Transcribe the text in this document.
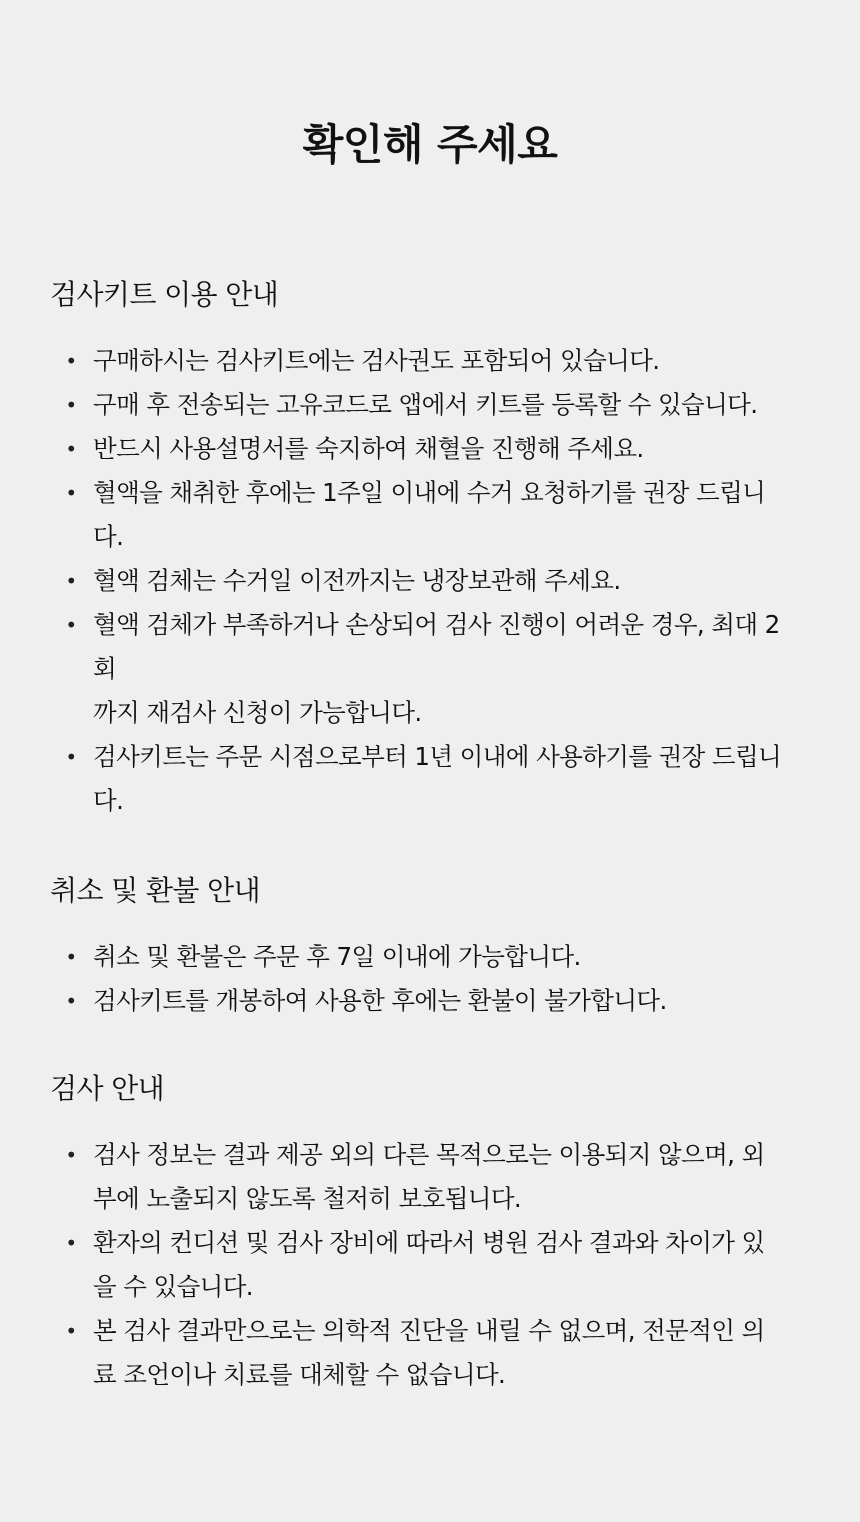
확인해 주세요
검사키트 이용 안내
• 구매하시는 검사키트에는 검사권도 포함되어 있습니다.
• 구매 후 전송되는 고유코드로 앱에서 키트를 등록할 수 있습니다.
• 반드시 사용설명서를 숙지하여 채혈을 진행해 주세요.
• 혈액을 채취한 후에는 1주일 이내에 수거 요청하기를 권장 드립니
다.
• 혈액 검체는 수거일 이전까지는 냉장보관해 주세요.
• 혈액 검체가 부족하거나 손상되어 검사 진행이 어려운 경우, 최대 2
회
까지 재검사 신청이 가능합니다.
• 검사키트는 주문 시점으로부터 1년 이내에 사용하기를 권장 드립니
다.
취소 및 환불 안내
• 취소 및 환불은 주문 후 7일 이내에 가능합니다.
• 검사키트를 개봉하여 사용한 후에는 환불이 불가합니다.
검사 안내
• 검사 정보는 결과 제공 외의 다른 목적으로는 이용되지 않으며, 외
부에 노출되지 않도록 철저히 보호됩니다.
• 환자의 컨디션 및 검사 장비에 따라서 병원 검사 결과와 차이가 있
을 수 있습니다.
• 본 검사 결과만으로는 의학적 진단을 내릴 수 없으며, 전문적인 의
료 조언이나 치료를 대체할 수 없습니다.
